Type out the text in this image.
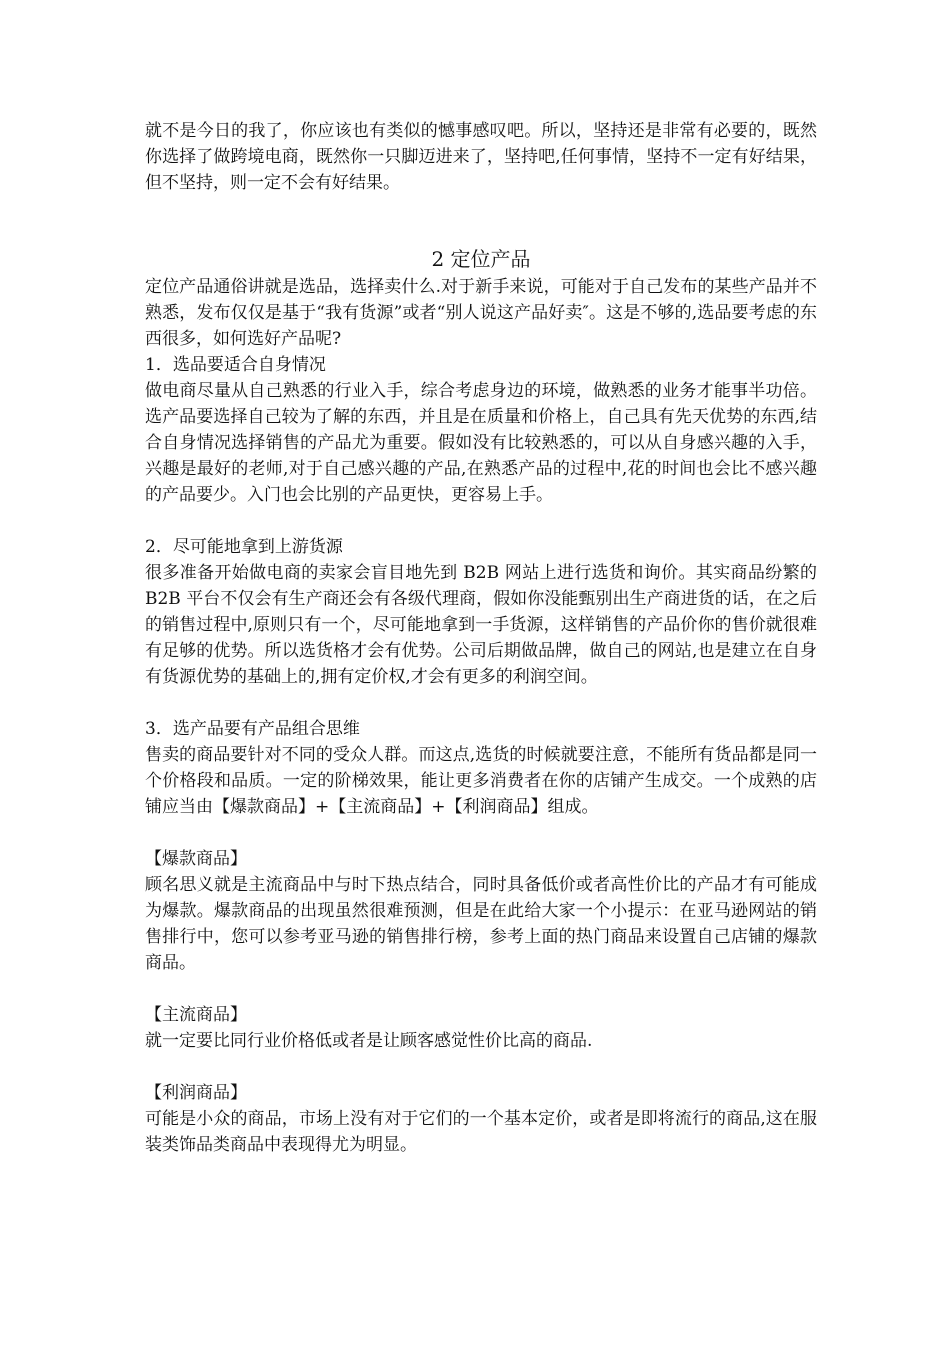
就不是今日的我了，你应该也有类似的憾事感叹吧。所以，坚持还是非常有必要的，既然你选择了做跨境电商，既然你一只脚迈进来了，坚持吧,任何事情，坚持不一定有好结果，但不坚持，则一定不会有好结果。

2 定位产品

定位产品通俗讲就是选品，选择卖什么.对于新手来说，可能对于自己发布的某些产品并不熟悉，发布仅仅是基于“我有货源”或者“别人说这产品好卖″。这是不够的,选品要考虑的东西很多，如何选好产品呢?

1．选品要适合自身情况

做电商尽量从自己熟悉的行业入手，综合考虑身边的环境，做熟悉的业务才能事半功倍。选产品要选择自己较为了解的东西，并且是在质量和价格上，自己具有先天优势的东西,结合自身情况选择销售的产品尤为重要。假如没有比较熟悉的，可以从自身感兴趣的入手，兴趣是最好的老师,对于自己感兴趣的产品,在熟悉产品的过程中,花的时间也会比不感兴趣的产品要少。入门也会比别的产品更快，更容易上手。

2．尽可能地拿到上游货源

很多准备开始做电商的卖家会盲目地先到 B2B 网站上进行选货和询价。其实商品纷繁的 B2B 平台不仅会有生产商还会有各级代理商，假如你没能甄别出生产商进货的话，在之后的销售过程中,原则只有一个，尽可能地拿到一手货源，这样销售的产品价你的售价就很难有足够的优势。所以选货格才会有优势。公司后期做品牌，做自己的网站,也是建立在自身有货源优势的基础上的,拥有定价权,才会有更多的利润空间。

3．选产品要有产品组合思维

售卖的商品要针对不同的受众人群。而这点,选货的时候就要注意，不能所有货品都是同一个价格段和品质。一定的阶梯效果，能让更多消费者在你的店铺产生成交。一个成熟的店铺应当由【爆款商品】+【主流商品】+【利润商品】组成。

【爆款商品】

顾名思义就是主流商品中与时下热点结合，同时具备低价或者高性价比的产品才有可能成为爆款。爆款商品的出现虽然很难预测，但是在此给大家一个小提示：在亚马逊网站的销售排行中，您可以参考亚马逊的销售排行榜，参考上面的热门商品来设置自己店铺的爆款商品。

【主流商品】

就一定要比同行业价格低或者是让顾客感觉性价比高的商品.

【利润商品】

可能是小众的商品，市场上没有对于它们的一个基本定价，或者是即将流行的商品,这在服装类饰品类商品中表现得尤为明显。
